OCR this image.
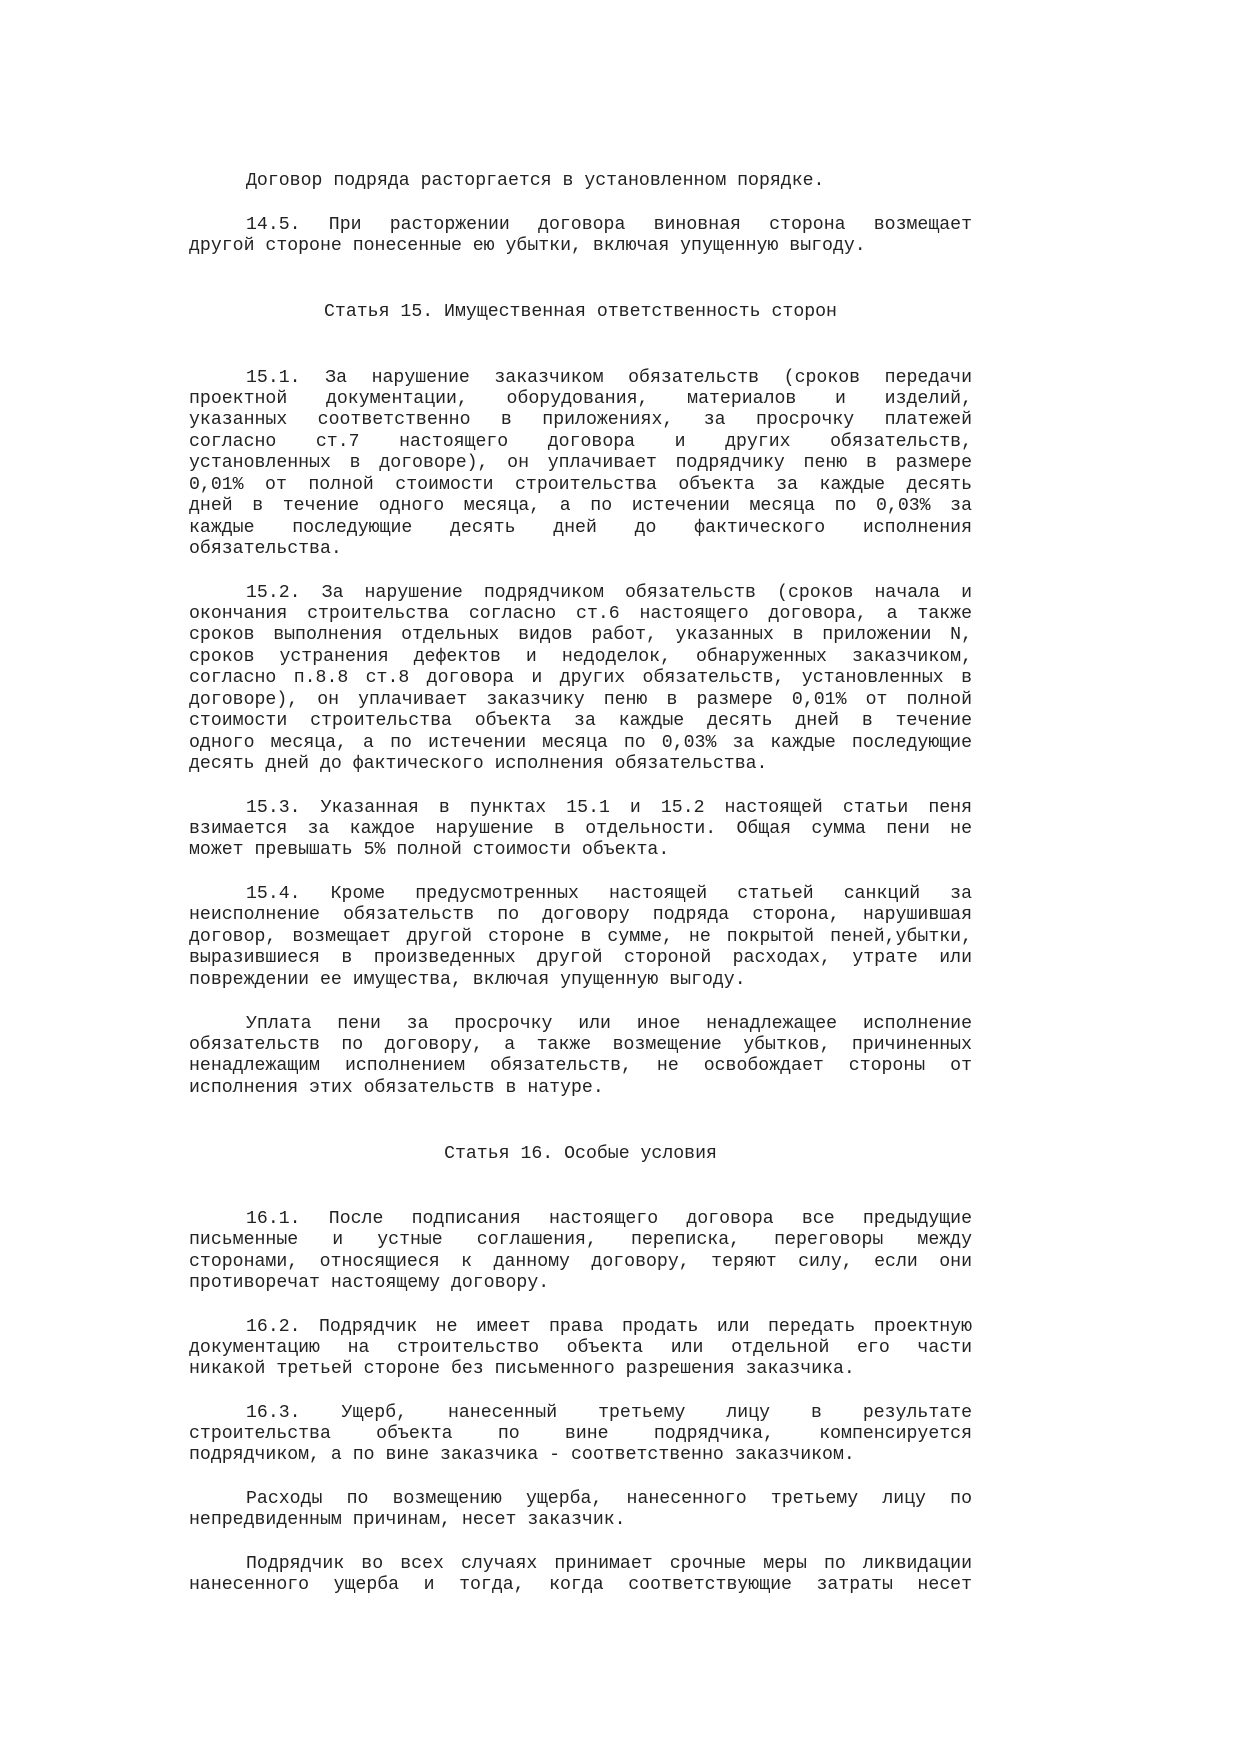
Договор подряда расторгается в установленном порядке.
14.5. При расторжении договора виновная сторона возмещает
другой стороне понесенные ею убытки, включая упущенную выгоду.
Статья 15. Имущественная ответственность сторон
15.1. За нарушение заказчиком обязательств (сроков передачи
проектной документации, оборудования, материалов и изделий,
указанных соответственно в приложениях, за просрочку платежей
согласно ст.7 настоящего договора и других обязательств,
установленных в договоре), он уплачивает подрядчику пеню в размере
0,01% от полной стоимости строительства объекта за каждые десять
дней в течение одного месяца, а по истечении месяца по 0,03% за
каждые последующие десять дней до фактического исполнения
обязательства.
15.2. За нарушение подрядчиком обязательств (сроков начала и
окончания строительства согласно ст.6 настоящего договора, а также
сроков выполнения отдельных видов работ, указанных в приложении N,
сроков устранения дефектов и недоделок, обнаруженных заказчиком,
согласно п.8.8 ст.8 договора и других обязательств, установленных в
договоре), он уплачивает заказчику пеню в размере 0,01% от полной
стоимости строительства объекта за каждые десять дней в течение
одного месяца, а по истечении месяца по 0,03% за каждые последующие
десять дней до фактического исполнения обязательства.
15.3. Указанная в пунктах 15.1 и 15.2 настоящей статьи пеня
взимается за каждое нарушение в отдельности. Общая сумма пени не
может превышать 5% полной стоимости объекта.
15.4. Кроме предусмотренных настоящей статьей санкций за
неисполнение обязательств по договору подряда сторона, нарушившая
договор, возмещает другой стороне в сумме, не покрытой пеней,убытки,
выразившиеся в произведенных другой стороной расходах, утрате или
повреждении ее имущества, включая упущенную выгоду.
Уплата пени за просрочку или иное ненадлежащее исполнение
обязательств по договору, а также возмещение убытков, причиненных
ненадлежащим исполнением обязательств, не освобождает стороны от
исполнения этих обязательств в натуре.
Статья 16. Особые условия
16.1. После подписания настоящего договора все предыдущие
письменные и устные соглашения, переписка, переговоры между
сторонами, относящиеся к данному договору, теряют силу, если они
противоречат настоящему договору.
16.2. Подрядчик не имеет права продать или передать проектную
документацию на строительство объекта или отдельной его части
никакой третьей стороне без письменного разрешения заказчика.
16.3. Ущерб, нанесенный третьему лицу в результате
строительства объекта по вине подрядчика, компенсируется
подрядчиком, а по вине заказчика - соответственно заказчиком.
Расходы по возмещению ущерба, нанесенного третьему лицу по
непредвиденным причинам, несет заказчик.
Подрядчик во всех случаях принимает срочные меры по ликвидации
нанесенного ущерба и тогда, когда соответствующие затраты несет
